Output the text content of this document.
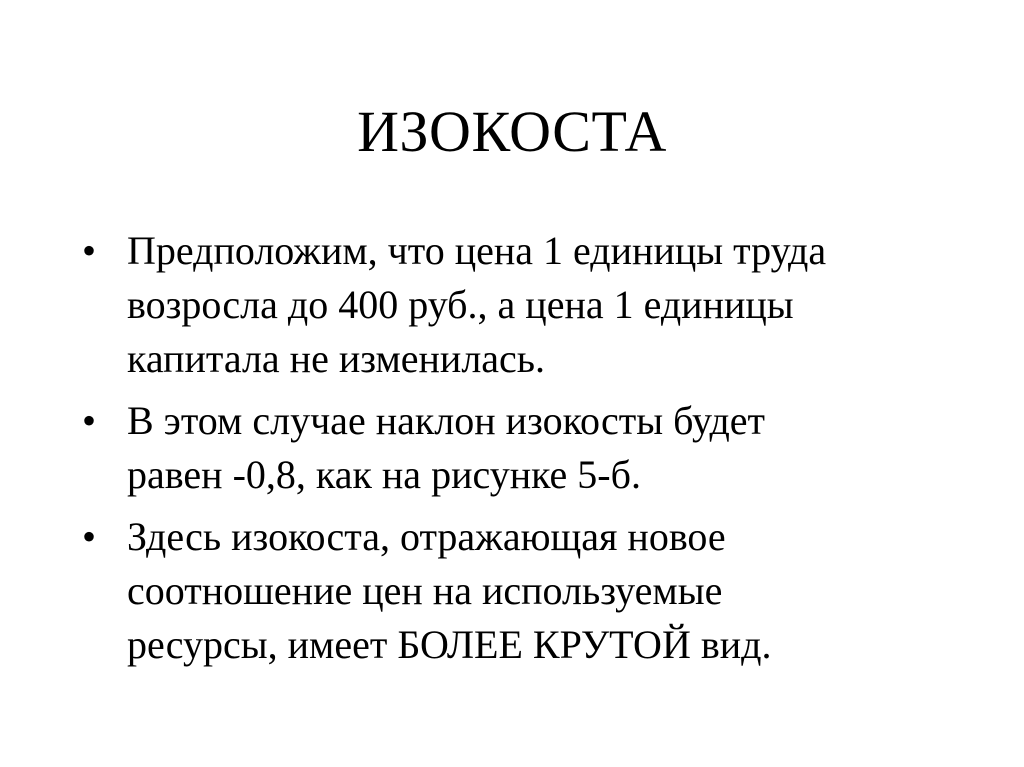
ИЗОКОСТА
• Предположим, что цена 1 единицы труда
возросла до 400 руб., а цена 1 единицы
капитала не изменилась.
• В этом случае наклон изокосты будет
равен -0,8, как на рисунке 5-б.
• Здесь изокоста, отражающая новое
соотношение цен на используемые
ресурсы, имеет БОЛЕЕ КРУТОЙ вид.
